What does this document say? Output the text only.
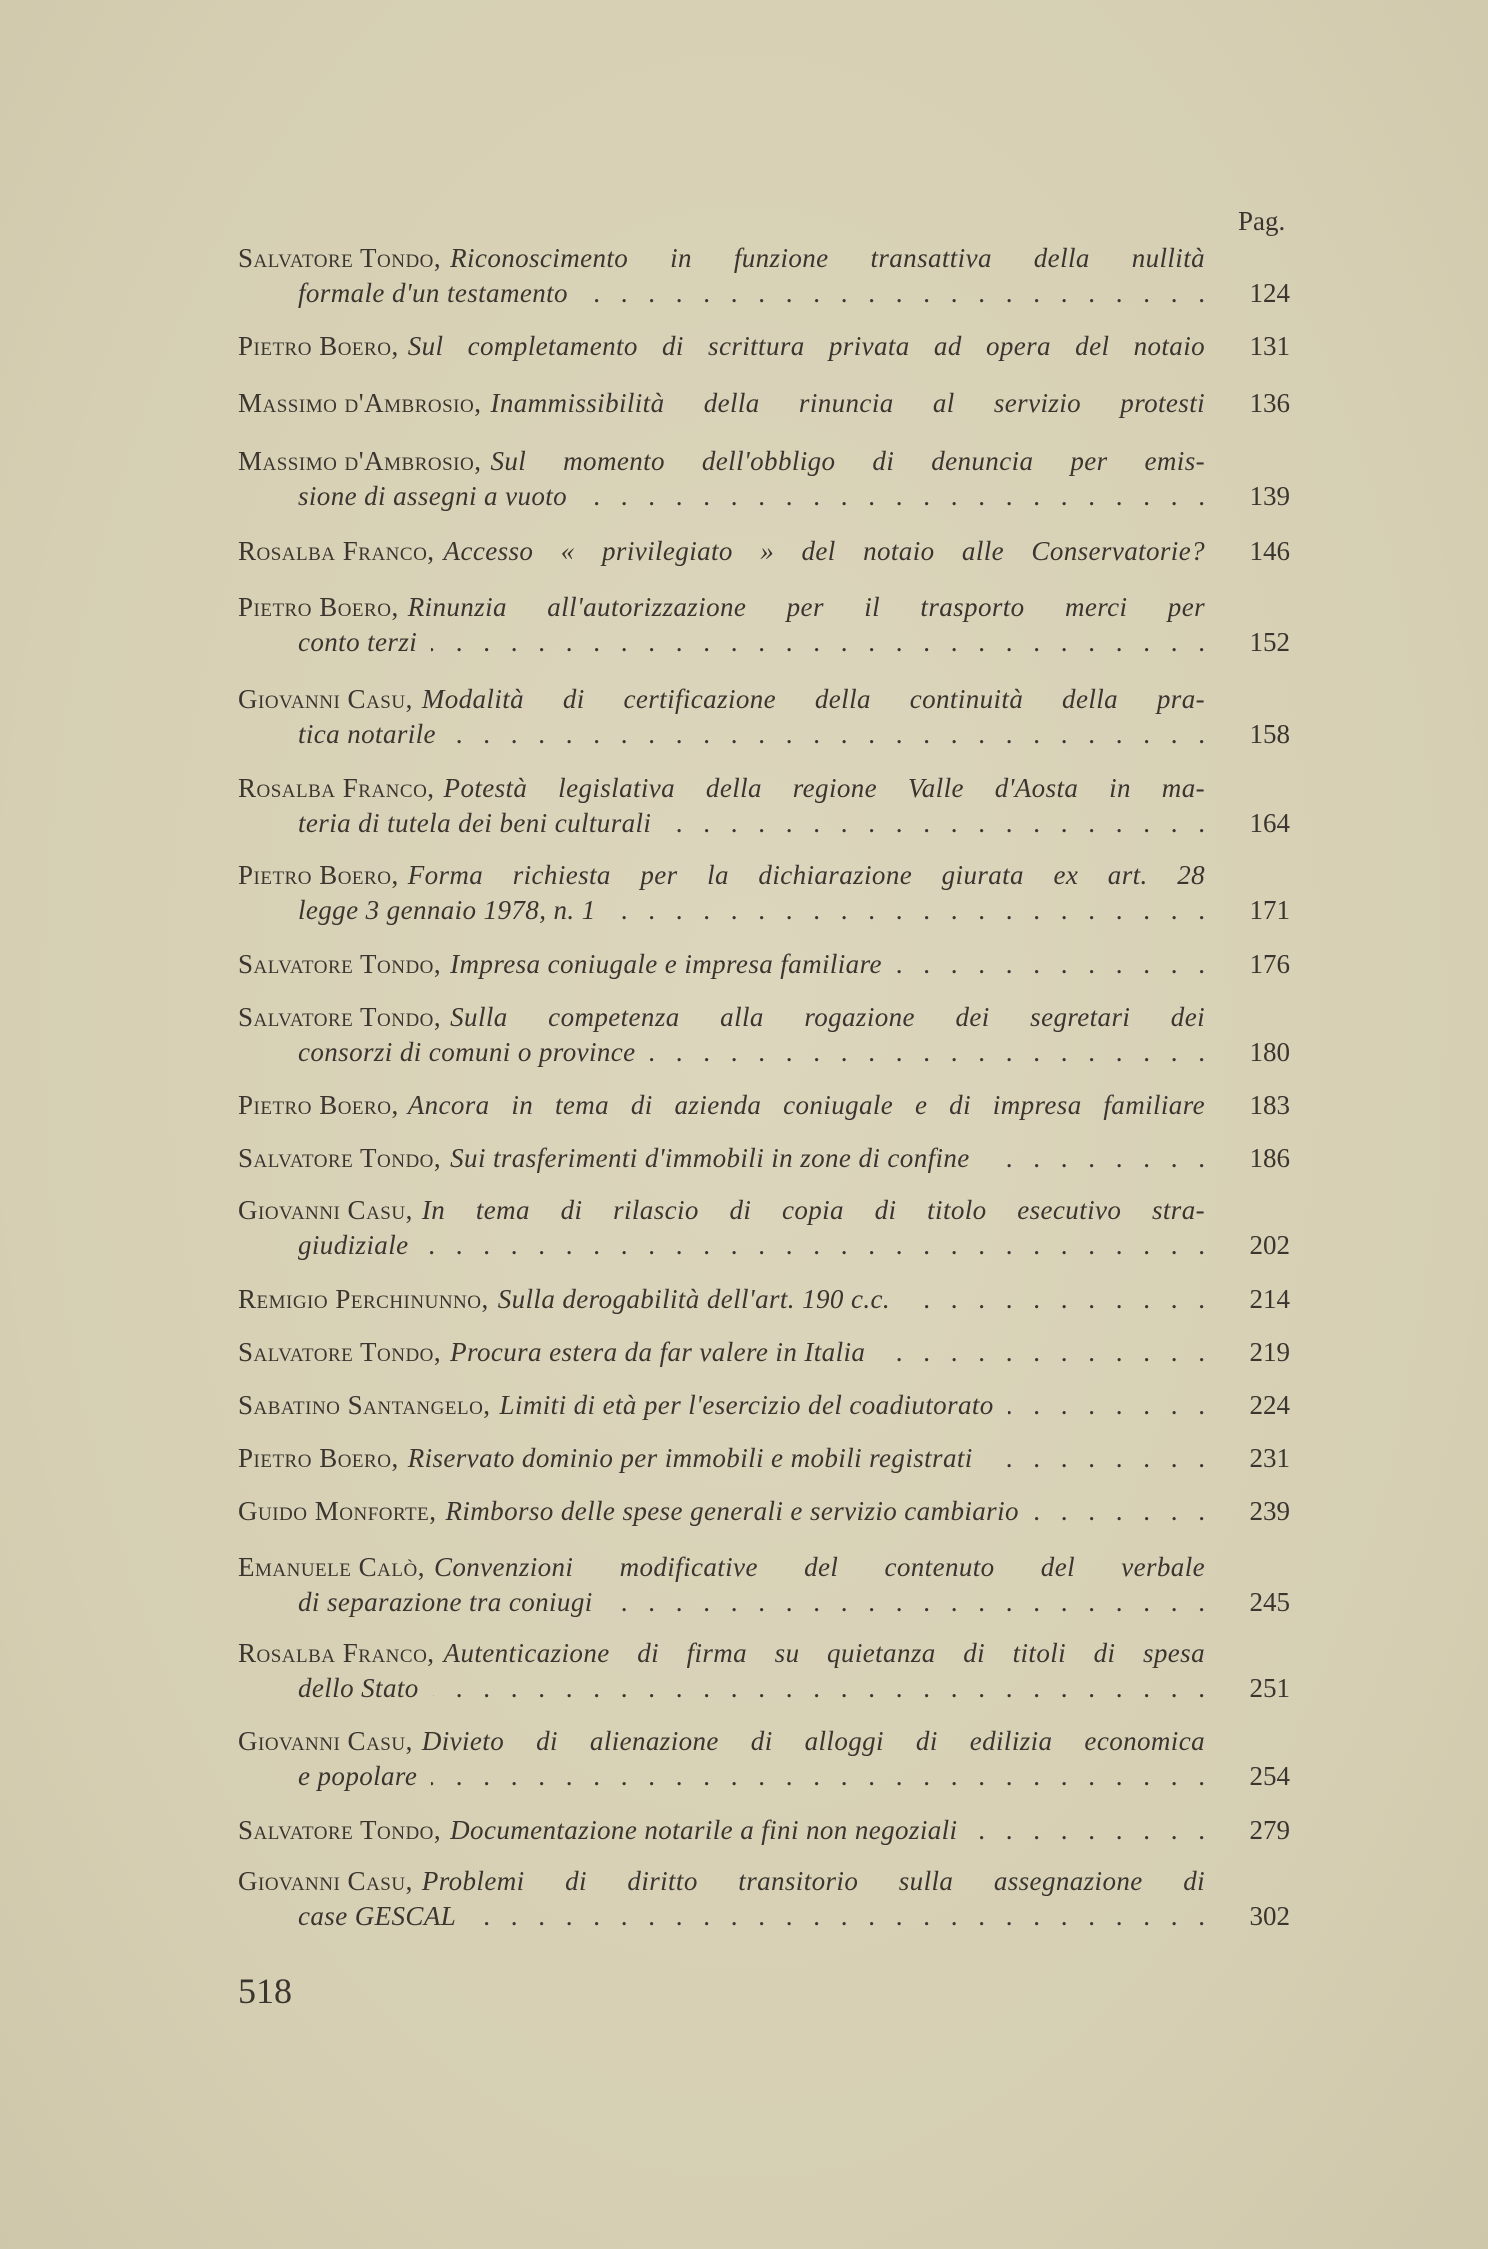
Pag.
Salvatore Tondo , Riconoscimento in funzione transattiva della nullità
formale d'un testamento . . .	124
Pietro Boero , Sul completamento di scrittura privata ad opera del notaio 131
Massimo d'Ambrosio , Inammissibilità della rinuncia al servizio protesti 136
Massimo d'Ambrosio , Sul momento dell'obbligo di denuncia per emis-
sione di assegni a vuoto . . .	139
Rosalba Franco , Accesso « privilegiato » del notaio alle Conservatorie? 146
Pietro Boero , Rinunzia all'autorizzazione per il trasporto merci per
conto terzi . . .	152
Giovanni Casu , Modalità di certificazione della continuità della pra-
tica notarile . . .	158
Rosalba Franco , Potestà legislativa della regione Valle d'Aosta in ma-
teria di tutela dei beni culturali . . .	164
Pietro Boero , Forma richiesta per la dichiarazione giurata ex art. 28
legge 3 gennaio 1978, n. 1 . . .	171
Salvatore Tondo , Impresa coniugale e impresa familiare . . .	176
Salvatore Tondo , Sulla competenza alla rogazione dei segretari dei
consorzi di comuni o province . . .	180
Pietro Boero , Ancora in tema di azienda coniugale e di impresa familiare 183
Salvatore Tondo , Sui trasferimenti d'immobili in zone di confine . . .	186
Giovanni Casu , In tema di rilascio di copia di titolo esecutivo stra-
giudiziale . . .	202
Remigio Perchinunno , Sulla derogabilità dell'art. 190 c.c. . . .	214
Salvatore Tondo , Procura estera da far valere in Italia . . .	219
Sabatino Santangelo , Limiti di età per l'esercizio del coadiutorato . . .	224
Pietro Boero , Riservato dominio per immobili e mobili registrati . . .	231
Guido Monforte , Rimborso delle spese generali e servizio cambiario . . .	239
Emanuele Calò , Convenzioni modificative del contenuto del verbale
di separazione tra coniugi . . .	245
Rosalba Franco , Autenticazione di firma su quietanza di titoli di spesa
dello Stato . . .	251
Giovanni Casu , Divieto di alienazione di alloggi di edilizia economica
e popolare . . .	254
Salvatore Tondo , Documentazione notarile a fini non negoziali . . .	279
Giovanni Casu , Problemi di diritto transitorio sulla assegnazione di
case GESCAL . . .	302
518
